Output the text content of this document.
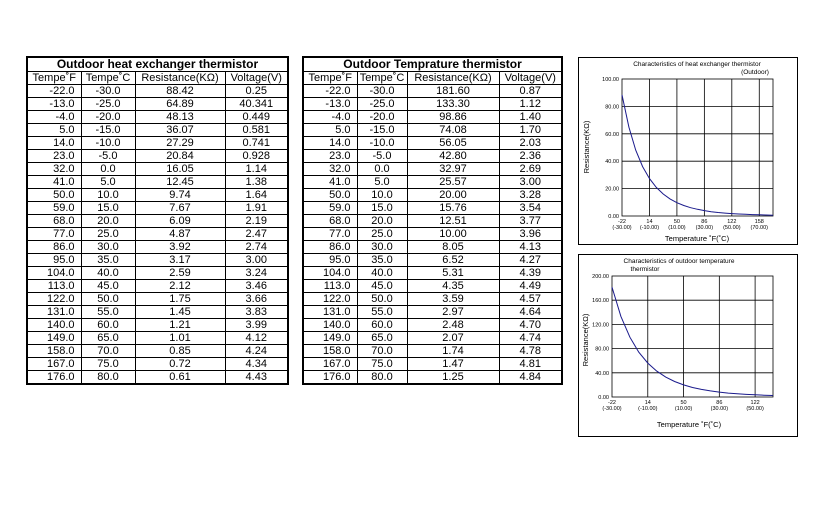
Outdoor heat exchanger thermistor			
Tempe˚F	Tempe˚C	Resistance(KΩ)	Voltage(V)
-22.0	-30.0	88.42	0.25
-13.0	-25.0	64.89	40.341
-4.0	-20.0	48.13	0.449
5.0	-15.0	36.07	0.581
14.0	-10.0	27.29	0.741
23.0	-5.0	20.84	0.928
32.0	0.0	16.05	1.14
41.0	5.0	12.45	1.38
50.0	10.0	9.74	1.64
59.0	15.0	7.67	1.91
68.0	20.0	6.09	2.19
77.0	25.0	4.87	2.47
86.0	30.0	3.92	2.74
95.0	35.0	3.17	3.00
104.0	40.0	2.59	3.24
113.0	45.0	2.12	3.46
122.0	50.0	1.75	3.66
131.0	55.0	1.45	3.83
140.0	60.0	1.21	3.99
149.0	65.0	1.01	4.12
158.0	70.0	0.85	4.24
167.0	75.0	0.72	4.34
176.0	80.0	0.61	4.43
Outdoor Temprature thermistor			
Tempe˚F	Tempe˚C	Resistance(KΩ)	Voltage(V)
-22.0	-30.0	181.60	0.87
-13.0	-25.0	133.30	1.12
-4.0	-20.0	98.86	1.40
5.0	-15.0	74.08	1.70
14.0	-10.0	56.05	2.03
23.0	-5.0	42.80	2.36
32.0	0.0	32.97	2.69
41.0	5.0	25.57	3.00
50.0	10.0	20.00	3.28
59.0	15.0	15.76	3.54
68.0	20.0	12.51	3.77
77.0	25.0	10.00	3.96
86.0	30.0	8.05	4.13
95.0	35.0	6.52	4.27
104.0	40.0	5.31	4.39
113.0	45.0	4.35	4.49
122.0	50.0	3.59	4.57
131.0	55.0	2.97	4.64
140.0	60.0	2.48	4.70
149.0	65.0	2.07	4.74
158.0	70.0	1.74	4.78
167.0	75.0	1.47	4.81
176.0	80.0	1.25	4.84
Characteristics of heat exchanger thermistor
(Outdoor)
0.00
20.00
40.00
60.00
80.00
100.00
-22
(-30.00)
14
(-10.00)
50
(10.00)
86
(30.00)
122
(50.00)
158
(70.00)
Resistance(KΩ)
Temperature ˚F(˚C)
Characteristics of outdoor temperature
thermistor
0.00
40.00
80.00
120.00
160.00
200.00
-22
(-30.00)
14
(-10.00)
50
(10.00)
86
(30.00)
122
(50.00)
Resistance(KΩ)
Temperature ˚F(˚C)
